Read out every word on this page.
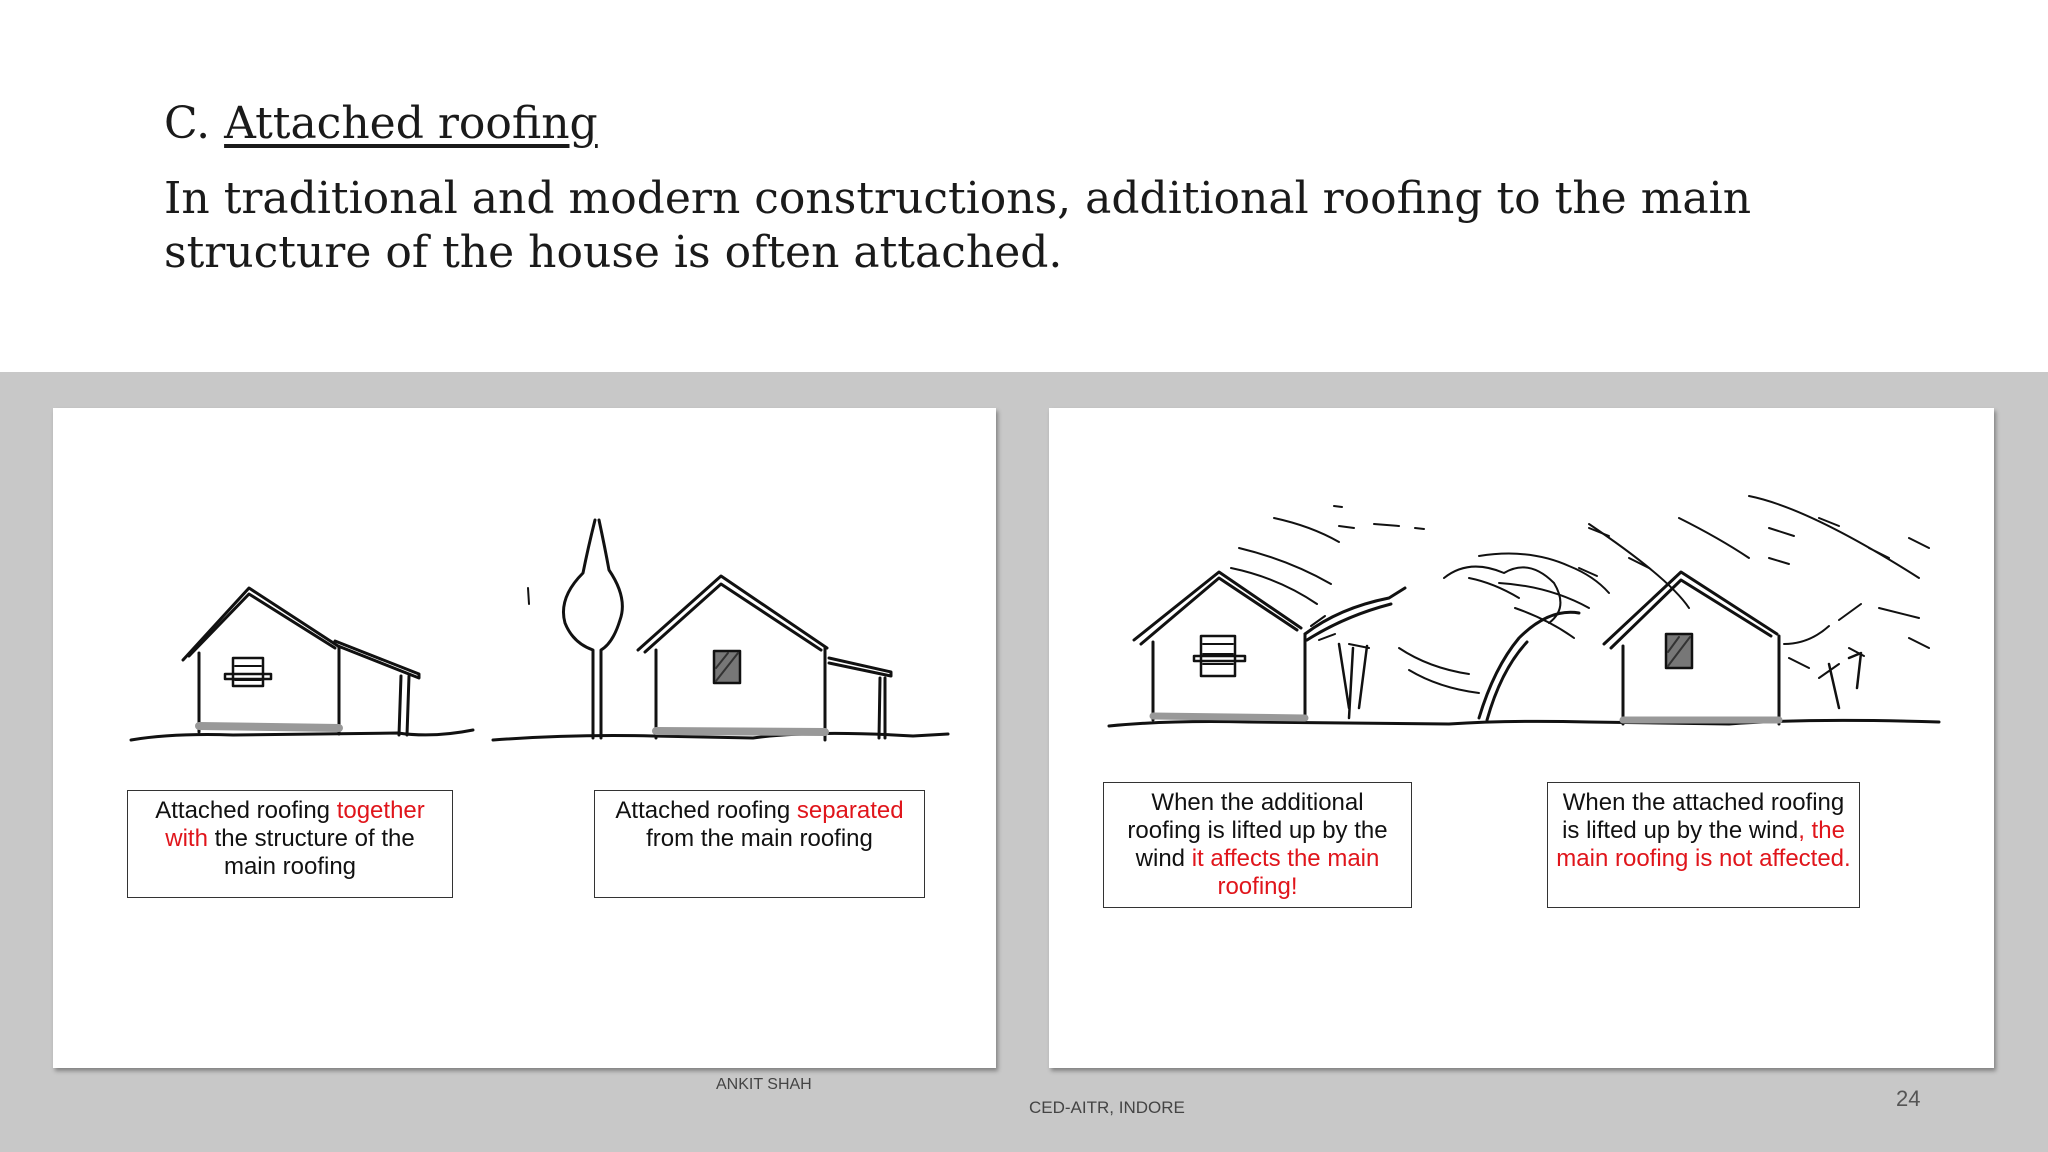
C. Attached roofing
In traditional and modern constructions, additional roofing to the main structure of the house is often attached.
Attached roofing together with the structure of the main roofing
Attached roofing separated from the main roofing
When the additional roofing is lifted up by the wind it affects the main roofing!
When the attached roofing is lifted up by the wind, the main roofing is not affected.
ANKIT SHAH
CED-AITR, INDORE	24
